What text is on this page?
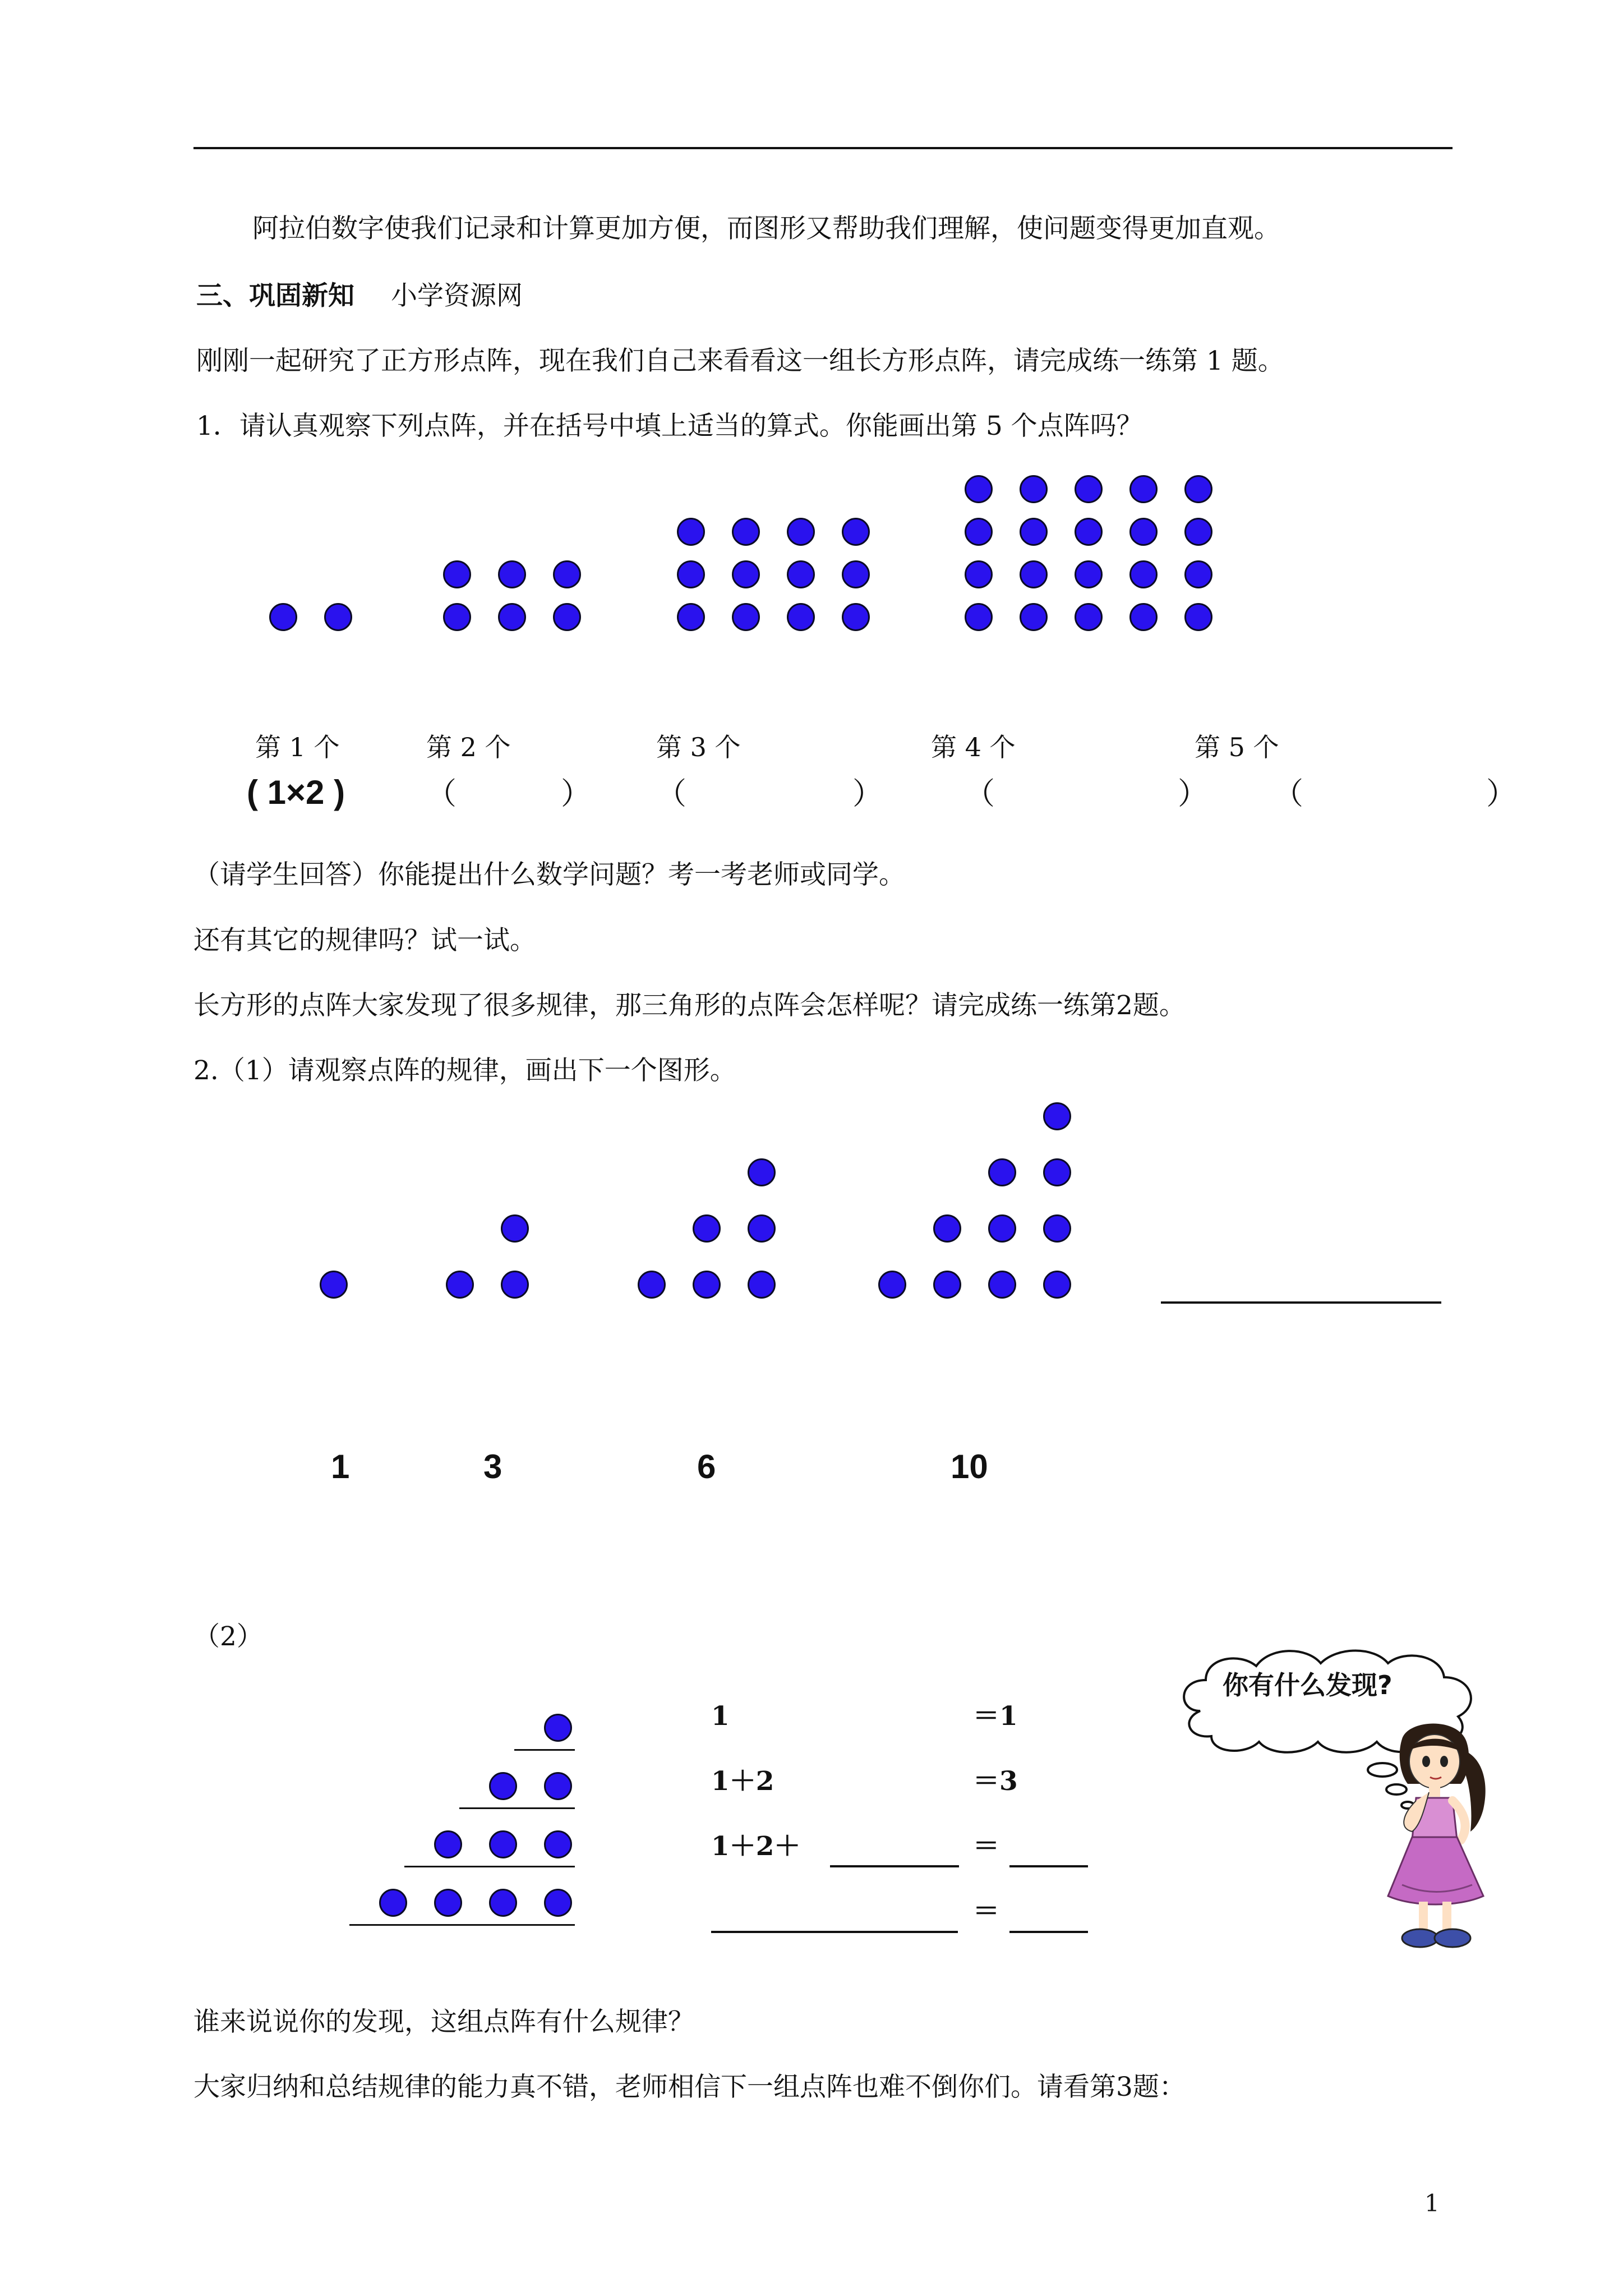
阿拉伯数字使我们记录和计算更加方便，而图形又帮助我们理解，使问题变得更加直观。
三、巩固新知 小学资源网
刚刚一起研究了正方形点阵，现在我们自己来看看这一组长方形点阵，请完成练一练第 1 题。
1．请认真观察下列点阵，并在括号中填上适当的算式。你能画出第 5 个点阵吗？
第 1 个	第 2 个	第 3 个	第 4 个	第 5 个
( 1×2 )	（	） （	）	（	） （	）
（请学生回答）你能提出什么数学问题？考一考老师或同学。
还有其它的规律吗？试一试。
长方形的点阵大家发现了很多规律，那三角形的点阵会怎样呢？请完成练一练第2题。
2.（1）请观察点阵的规律，画出下一个图形。
1	3	6	10
（2）
1	＝1
1＋2	＝3
1＋2＋	＝
＝
你有什么发现?
谁来说说你的发现，这组点阵有什么规律？
大家归纳和总结规律的能力真不错，老师相信下一组点阵也难不倒你们。请看第3题：
1
